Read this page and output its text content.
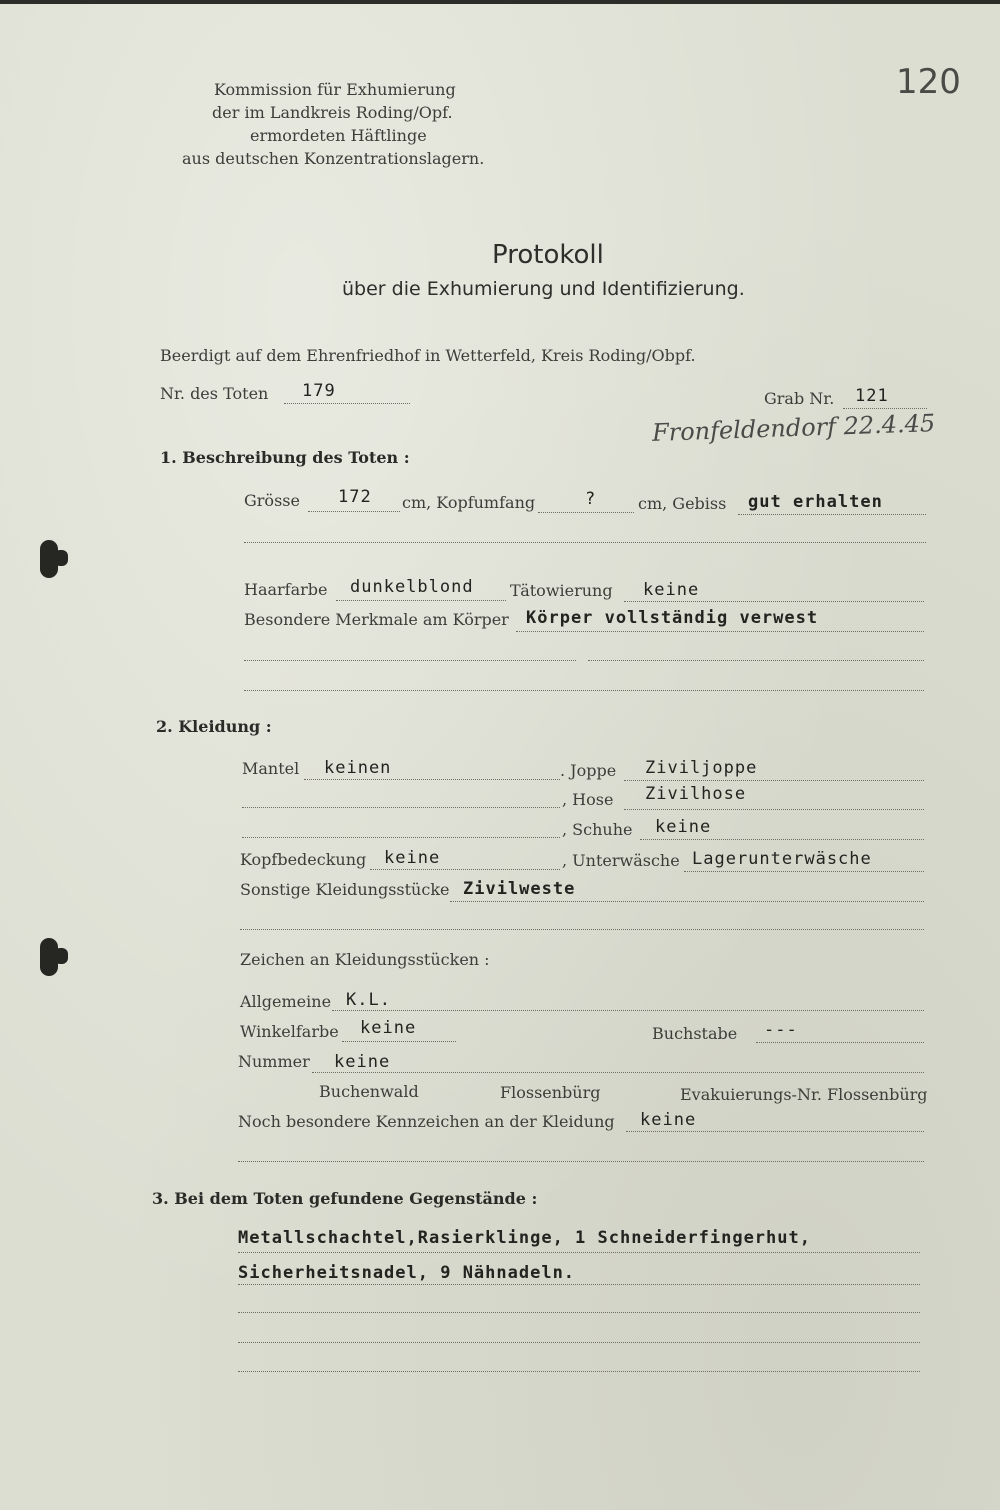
120
Kommission für Exhumierung
der im Landkreis Roding/Opf.
ermordeten Häftlinge
aus deutschen Konzentrationslagern.
Protokoll
über die Exhumierung und Identifizierung.
Beerdigt auf dem Ehrenfriedhof in Wetterfeld, Kreis Roding/Obpf.
Nr. des Toten 179	Grab Nr. 121
Fronfeldendorf 22.4.45
1. Beschreibung des Toten :
Grösse 172 cm, Kopfumfang	?	cm, Gebiss gut erhalten
Haarfarbe dunkelblond Tätowierung keine
Besondere Merkmale am Körper Körper vollständig verwest
2. Kleidung :
Mantel keinen	. Joppe Ziviljoppe
, Hose Zivilhose
, Schuhe keine
Kopfbedeckung keine	, Unterwäsche Lagerunterwäsche
Sonstige Kleidungsstücke Zivilweste
Zeichen an Kleidungsstücken :
Allgemeine K.L.
Winkelfarbe keine	Buchstabe ---
Nummer keine
Buchenwald	Flossenbürg	Evakuierungs-Nr. Flossenbürg
Noch besondere Kennzeichen an der Kleidung keine
3. Bei dem Toten gefundene Gegenstände :
Metallschachtel,Rasierklinge, 1 Schneiderfingerhut,
Sicherheitsnadel, 9 Nähnadeln.
